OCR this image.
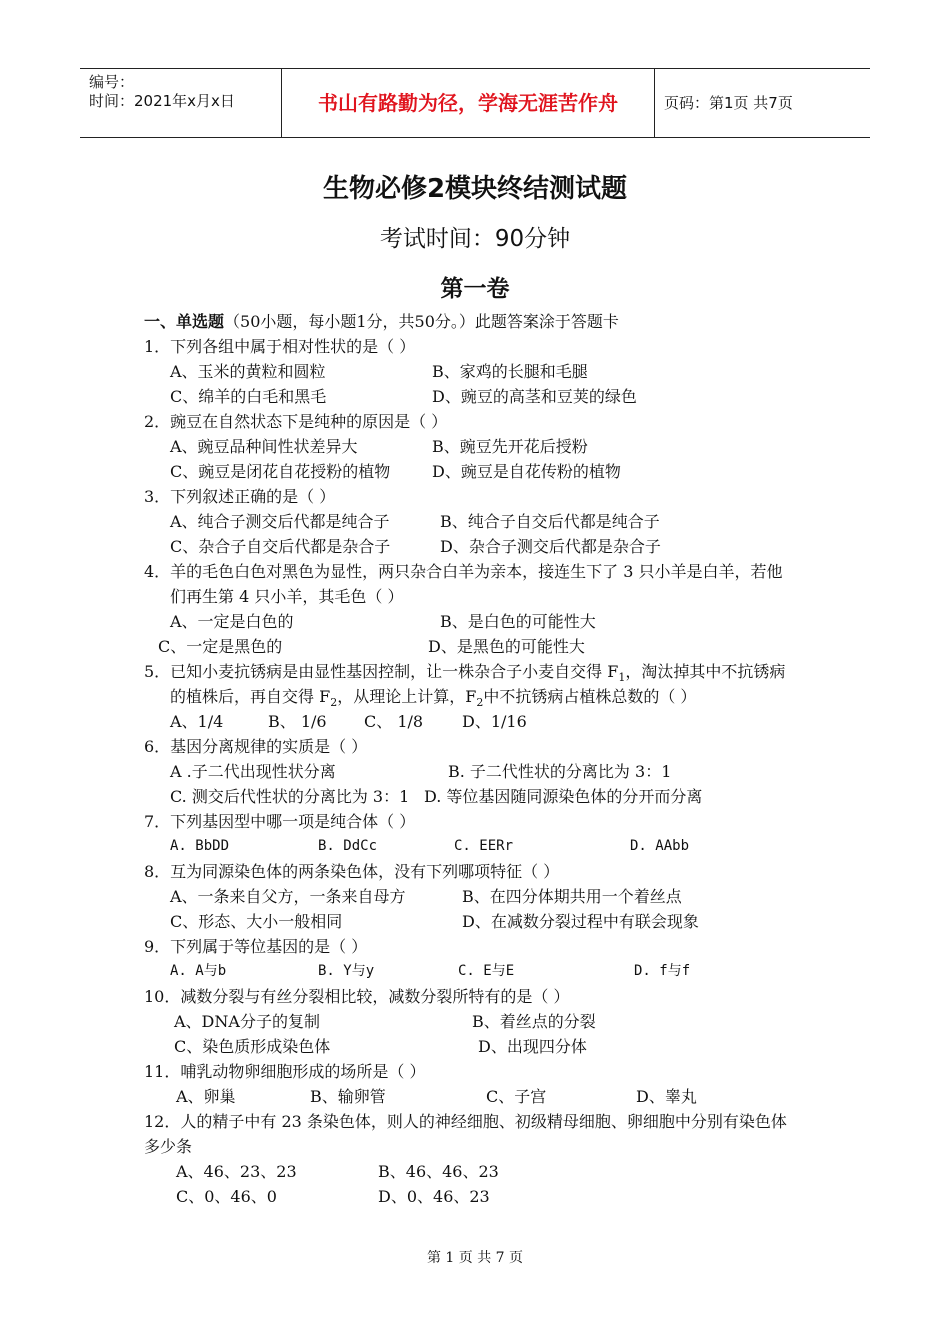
编号：
时间：2021年x月x日	书山有路勤为径，学海无涯苦作舟	页码：第1页 共7页
生物必修2模块终结测试题
考试时间：90分钟
第一卷
一、单选题（50小题，每小题1分，共50分。）此题答案涂于答题卡
1．下列各组中属于相对性状的是（ ）
A、玉米的黄粒和圆粒	B、家鸡的长腿和毛腿
C、绵羊的白毛和黑毛	D、豌豆的高茎和豆荚的绿色
2．豌豆在自然状态下是纯种的原因是（ ）
A、豌豆品种间性状差异大	B、豌豆先开花后授粉
C、豌豆是闭花自花授粉的植物	D、豌豆是自花传粉的植物
3．下列叙述正确的是（ ）
A、纯合子测交后代都是纯合子	B、纯合子自交后代都是纯合子
C、杂合子自交后代都是杂合子	D、杂合子测交后代都是杂合子
4．羊的毛色白色对黑色为显性，两只杂合白羊为亲本，接连生下了 3 只小羊是白羊，若他
们再生第 4 只小羊，其毛色（ ）
A、一定是白色的	B、是白色的可能性大
C、一定是黑色的	D、是黑色的可能性大
5．已知小麦抗锈病是由显性基因控制，让一株杂合子小麦自交得 $F_1$，淘汰掉其中不抗锈病
的植株后，再自交得 $F_2$，从理论上计算，$F_2$中不抗锈病占植株总数的（ ）
A、1/4	B、 1/6 C、 1/8 D、1/16
6．基因分离规律的实质是（ ）
A .子二代出现性状分离	B. 子二代性状的分离比为 3：1
C. 测交后代性状的分离比为 3：1 D. 等位基因随同源染色体的分开而分离
7．下列基因型中哪一项是纯合体（ ）
A. BbDD	B. DdCc	C. EERr	D. AAbb
8．互为同源染色体的两条染色体，没有下列哪项特征（ ）
A、一条来自父方，一条来自母方	B、在四分体期共用一个着丝点
C、形态、大小一般相同	D、在减数分裂过程中有联会现象
9．下列属于等位基因的是（ ）
A. A与b	B. Y与y	C. E与E	D. f与f
10．减数分裂与有丝分裂相比较，减数分裂所特有的是（ ）
A、DNA分子的复制	B、着丝点的分裂
C、染色质形成染色体	D、出现四分体
11．哺乳动物卵细胞形成的场所是（ ）
A、卵巢	B、输卵管	C、子宫	D、睾丸
12．人的精子中有 23 条染色体，则人的神经细胞、初级精母细胞、卵细胞中分别有染色体
多少条
A、46、23、23	B、46、46、23
C、0、46、0	D、0、46、23
第 1 页 共 7 页
